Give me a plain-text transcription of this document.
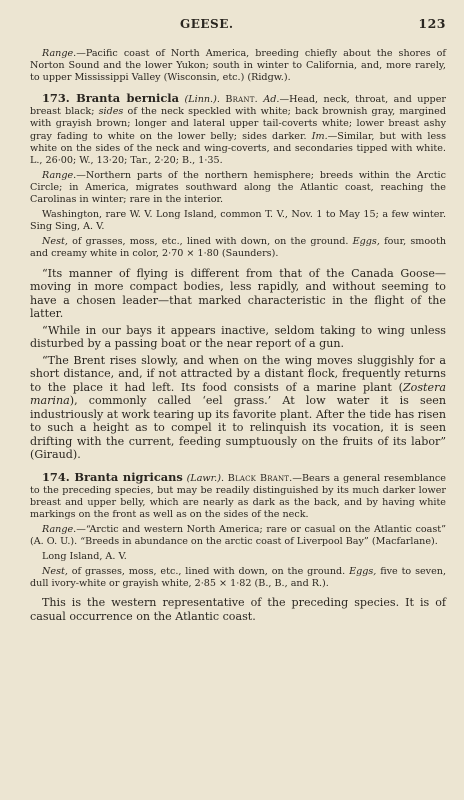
GEESE.	123

Range.—Pacific coast of North America, breeding chiefly about the shores of Norton Sound and the lower Yukon; south in winter to California, and, more rarely, to upper Mississippi Valley (Wisconsin, etc.) (Ridgw.).

173. Branta bernicla (Linn.). Brant. Ad.—Head, neck, throat, and upper breast black; sides of the neck speckled with white; back brownish gray, margined with grayish brown; longer and lateral upper tail-coverts white; lower breast ashy gray fading to white on the lower belly; sides darker. Im.—Similar, but with less white on the sides of the neck and wing-coverts, and secondaries tipped with white. L., 26·00; W., 13·20; Tar., 2·20; B., 1·35.

Range.—Northern parts of the northern hemisphere; breeds within the Arctic Circle; in America, migrates southward along the Atlantic coast, reaching the Carolinas in winter; rare in the interior.

Washington, rare W. V. Long Island, common T. V., Nov. 1 to May 15; a few winter. Sing Sing, A. V.

Nest, of grasses, moss, etc., lined with down, on the ground. Eggs, four, smooth and creamy white in color, 2·70 × 1·80 (Saunders).

“Its manner of flying is different from that of the Canada Goose—moving in more compact bodies, less rapidly, and without seeming to have a chosen leader—that marked characteristic in the flight of the latter.

“While in our bays it appears inactive, seldom taking to wing unless disturbed by a passing boat or the near report of a gun.

“The Brent rises slowly, and when on the wing moves sluggishly for a short distance, and, if not attracted by a distant flock, frequently returns to the place it had left. Its food consists of a marine plant (Zostera marina), commonly called ‘eel grass.’ At low water it is seen industriously at work tearing up its favorite plant. After the tide has risen to such a height as to compel it to relinquish its vocation, it is seen drifting with the current, feeding sumptuously on the fruits of its labor” (Giraud).

174. Branta nigricans (Lawr.). Black Brant.—Bears a general resemblance to the preceding species, but may be readily distinguished by its much darker lower breast and upper belly, which are nearly as dark as the back, and by having white markings on the front as well as on the sides of the neck.

Range.—“Arctic and western North America; rare or casual on the Atlantic coast” (A. O. U.). “Breeds in abundance on the arctic coast of Liverpool Bay” (Macfarlane).

Long Island, A. V.

Nest, of grasses, moss, etc., lined with down, on the ground. Eggs, five to seven, dull ivory-white or grayish white, 2·85 × 1·82 (B., B., and R.).

This is the western representative of the preceding species. It is of casual occurrence on the Atlantic coast.
